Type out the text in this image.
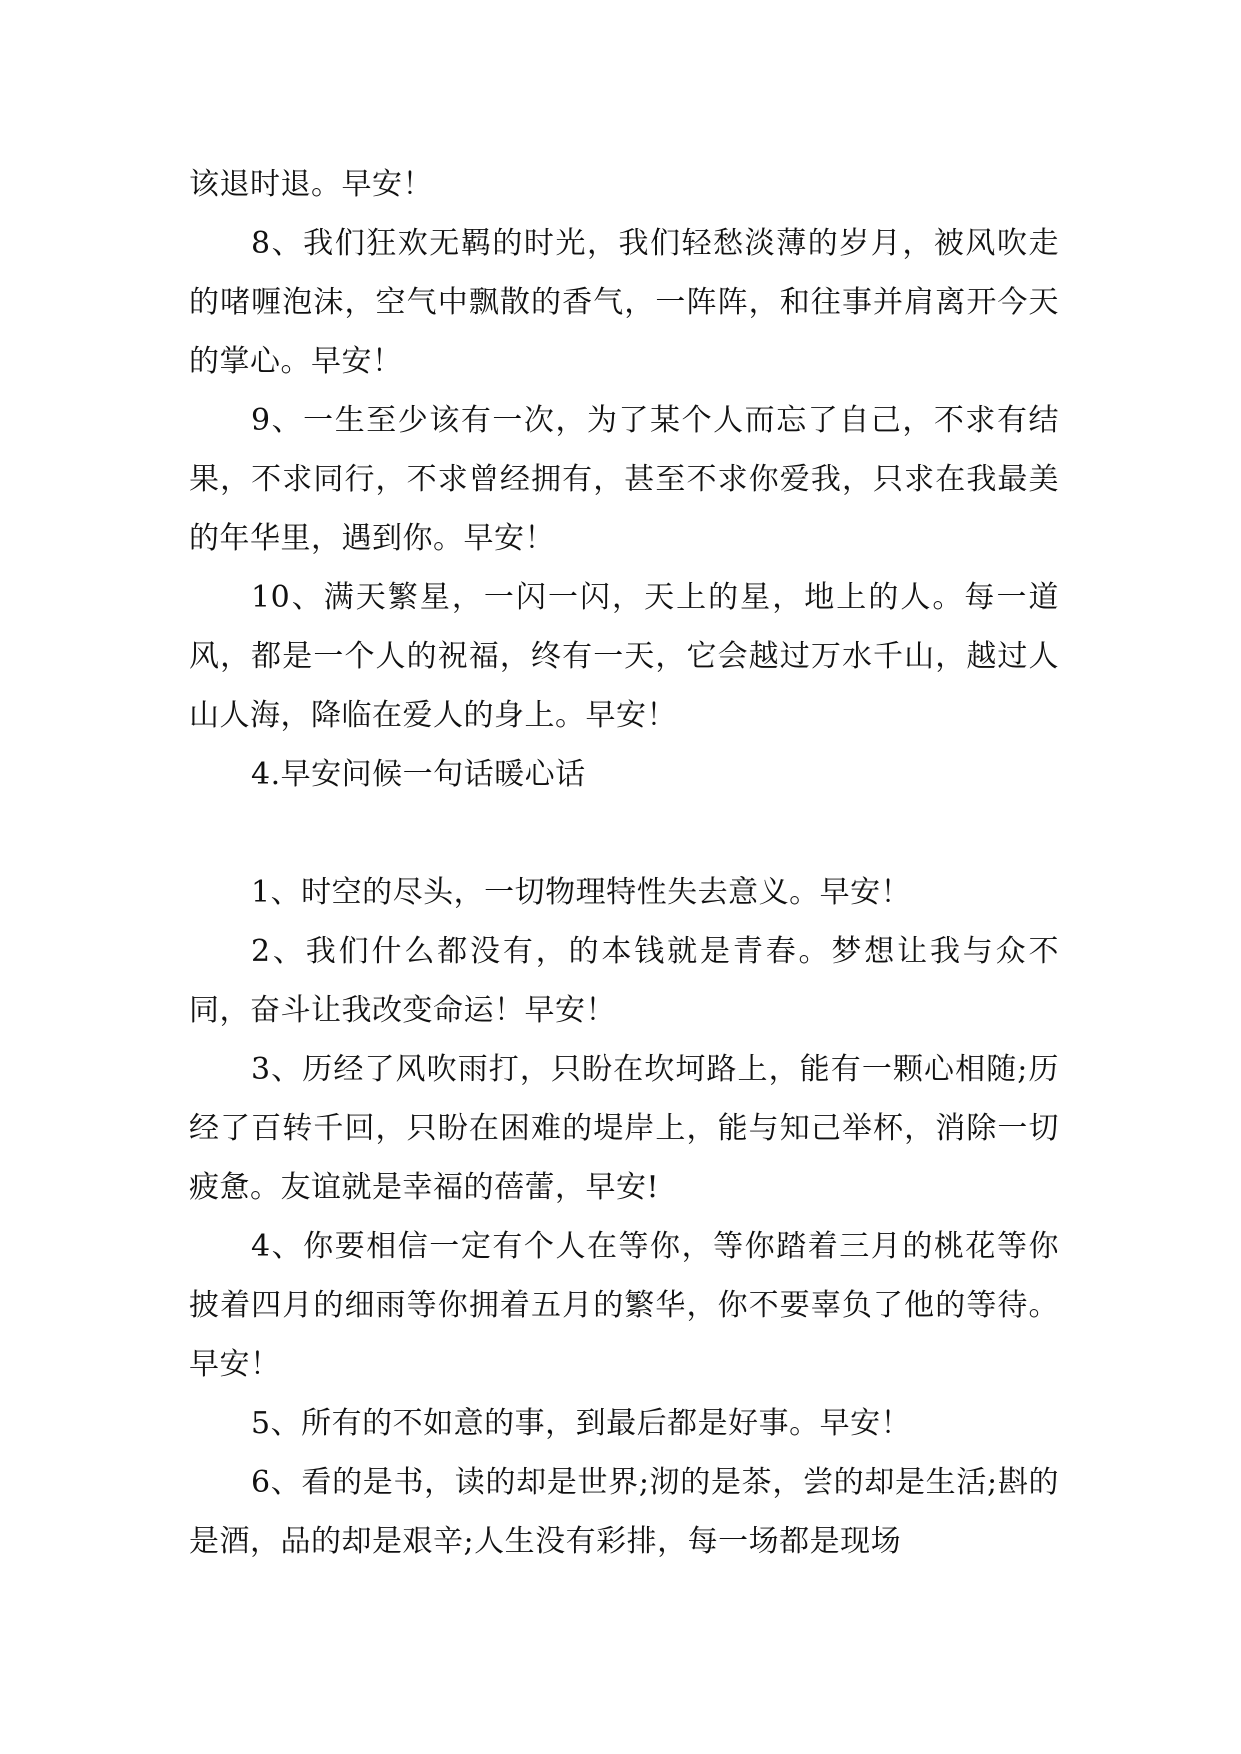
该退时退。早安！

8、我们狂欢无羁的时光，我们轻愁淡薄的岁月，被风吹走的啫喱泡沫，空气中飘散的香气，一阵阵，和往事并肩离开今天的掌心。早安！

9、一生至少该有一次，为了某个人而忘了自己，不求有结果，不求同行，不求曾经拥有，甚至不求你爱我，只求在我最美的年华里，遇到你。早安！

10、满天繁星，一闪一闪，天上的星，地上的人。每一道风，都是一个人的祝福，终有一天，它会越过万水千山，越过人山人海，降临在爱人的身上。早安！

4.早安问候一句话暖心话

1、时空的尽头，一切物理特性失去意义。早安！

2、我们什么都没有，的本钱就是青春。梦想让我与众不同，奋斗让我改变命运！早安！

3、历经了风吹雨打，只盼在坎坷路上，能有一颗心相随;历经了百转千回，只盼在困难的堤岸上，能与知己举杯，消除一切疲惫。友谊就是幸福的蓓蕾，早安!

4、你要相信一定有个人在等你，等你踏着三月的桃花等你披着四月的细雨等你拥着五月的繁华，你不要辜负了他的等待。早安！

5、所有的不如意的事，到最后都是好事。早安！

6、看的是书，读的却是世界;沏的是茶，尝的却是生活;斟的是酒，品的却是艰辛;人生没有彩排，每一场都是现场
